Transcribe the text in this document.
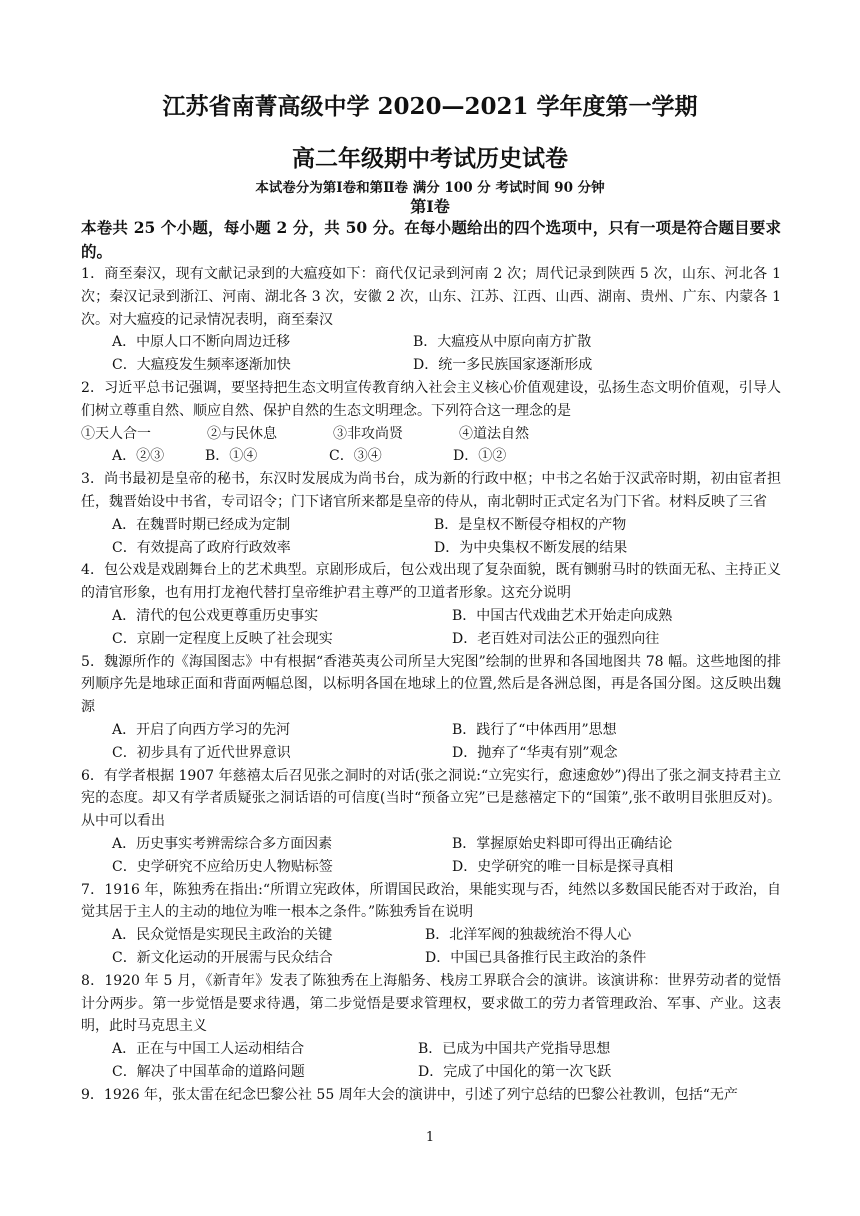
江苏省南菁高级中学 2020—2021 学年度第一学期
高二年级期中考试历史试卷
本试卷分为第Ⅰ卷和第Ⅱ卷 满分 100 分 考试时间 90 分钟
第Ⅰ卷

本卷共 25 个小题，每小题 2 分，共 50 分。在每小题给出的四个选项中，只有一项是符合题目要求的。

1．商至秦汉，现有文献记录到的大瘟疫如下：商代仅记录到河南 2 次；周代记录到陕西 5 次，山东、河北各 1 次；秦汉记录到浙江、河南、湖北各 3 次，安徽 2 次，山东、江苏、江西、山西、湖南、贵州、广东、内蒙各 1 次。对大瘟疫的记录情况表明，商至秦汉

A．中原人口不断向周边迁移	B．大瘟疫从中原向南方扩散
C．大瘟疫发生频率逐渐加快	D．统一多民族国家逐渐形成

2．习近平总书记强调，要坚持把生态文明宣传教育纳入社会主义核心价值观建设，弘扬生态文明价值观，引导人们树立尊重自然、顺应自然、保护自然的生态文明理念。下列符合这一理念的是

①天人合一	②与民休息	③非攻尚贤	④道法自然
A．②③	B．①④	C．③④	D．①②

3．尚书最初是皇帝的秘书，东汉时发展成为尚书台，成为新的行政中枢；中书之名始于汉武帝时期，初由宦者担任，魏晋始设中书省，专司诏令；门下诸官所来都是皇帝的侍从，南北朝时正式定名为门下省。材料反映了三省

A．在魏晋时期已经成为定制	B．是皇权不断侵夺相权的产物
C．有效提高了政府行政效率	D．为中央集权不断发展的结果

4．包公戏是戏剧舞台上的艺术典型。京剧形成后，包公戏出现了复杂面貌，既有铡驸马时的铁面无私、主持正义的清官形象，也有用打龙袍代替打皇帝维护君主尊严的卫道者形象。这充分说明

A．清代的包公戏更尊重历史事实	B．中国古代戏曲艺术开始走向成熟
C．京剧一定程度上反映了社会现实	D．老百姓对司法公正的强烈向往

5．魏源所作的《海国图志》中有根据“香港英夷公司所呈大宪图”绘制的世界和各国地图共 78 幅。这些地图的排列顺序先是地球正面和背面两幅总图，以标明各国在地球上的位置,然后是各洲总图，再是各国分图。这反映出魏源

A．开启了向西方学习的先河	B．践行了“中体西用”思想
C．初步具有了近代世界意识	D．抛弃了“华夷有别”观念

6．有学者根据 1907 年慈禧太后召见张之洞时的对话(张之洞说:“立宪实行，愈速愈妙”)得出了张之洞支持君主立宪的态度。却又有学者质疑张之洞话语的可信度(当时“预备立宪”已是慈禧定下的“国策”,张不敢明目张胆反对)。从中可以看出

A．历史事实考辨需综合多方面因素	B．掌握原始史料即可得出正确结论
C．史学研究不应给历史人物贴标签	D．史学研究的唯一目标是探寻真相

7．1916 年，陈独秀在指出:“所谓立宪政体，所谓国民政治，果能实现与否，纯然以多数国民能否对于政治，自觉其居于主人的主动的地位为唯一根本之条件。”陈独秀旨在说明

A．民众觉悟是实现民主政治的关键	B．北洋军阀的独裁统治不得人心
C．新文化运动的开展需与民众结合	D．中国已具备推行民主政治的条件

8．1920 年 5 月，《新青年》发表了陈独秀在上海船务、栈房工界联合会的演讲。该演讲称：世界劳动者的觉悟计分两步。第一步觉悟是要求待遇，第二步觉悟是要求管理权，要求做工的劳力者管理政治、军事、产业。这表明，此时马克思主义

A．正在与中国工人运动相结合	B．已成为中国共产党指导思想
C．解决了中国革命的道路问题	D．完成了中国化的第一次飞跃

9．1926 年，张太雷在纪念巴黎公社 55 周年大会的演讲中，引述了列宁总结的巴黎公社教训，包括“无产

1
